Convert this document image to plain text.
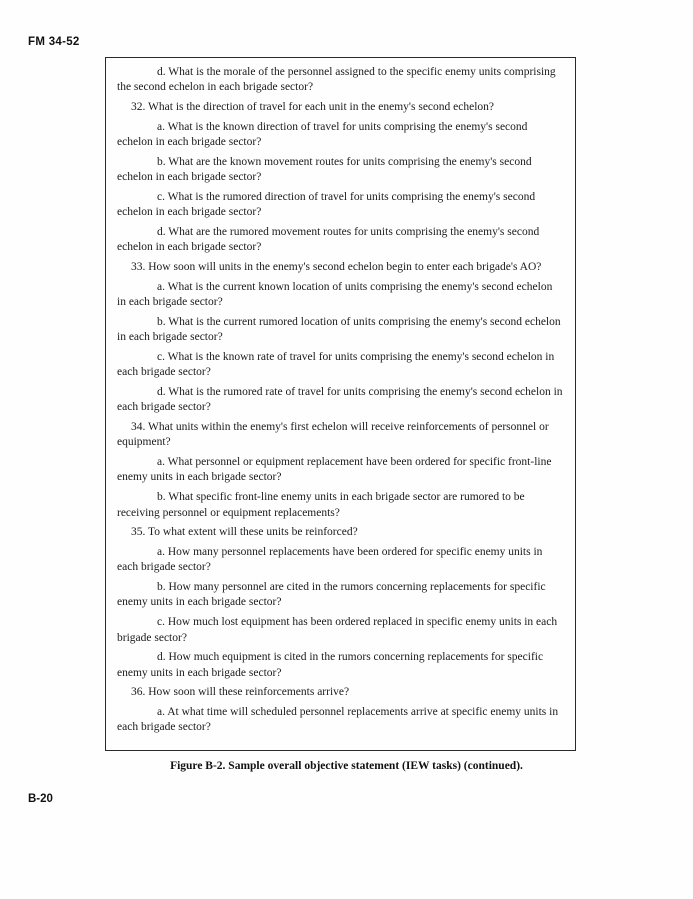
FM 34-52

d. What is the morale of the personnel assigned to the specific enemy units comprising the second echelon in each brigade sector?

32. What is the direction of travel for each unit in the enemy's second echelon?

a. What is the known direction of travel for units comprising the enemy's second echelon in each brigade sector?

b. What are the known movement routes for units comprising the enemy's second echelon in each brigade sector?

c. What is the rumored direction of travel for units comprising the enemy's second echelon in each brigade sector?

d. What are the rumored movement routes for units comprising the enemy's second echelon in each brigade sector?

33. How soon will units in the enemy's second echelon begin to enter each brigade's AO?

a. What is the current known location of units comprising the enemy's second echelon in each brigade sector?

b. What is the current rumored location of units comprising the enemy's second echelon in each brigade sector?

c. What is the known rate of travel for units comprising the enemy's second echelon in each brigade sector?

d. What is the rumored rate of travel for units comprising the enemy's second echelon in each brigade sector?

34. What units within the enemy's first echelon will receive reinforcements of personnel or equipment?

a. What personnel or equipment replacement have been ordered for specific front-line enemy units in each brigade sector?

b. What specific front-line enemy units in each brigade sector are rumored to be receiving personnel or equipment replacements?

35. To what extent will these units be reinforced?

a. How many personnel replacements have been ordered for specific enemy units in each brigade sector?

b. How many personnel are cited in the rumors concerning replacements for specific enemy units in each brigade sector?

c. How much lost equipment has been ordered replaced in specific enemy units in each brigade sector?

d. How much equipment is cited in the rumors concerning replacements for specific enemy units in each brigade sector?

36. How soon will these reinforcements arrive?

a. At what time will scheduled personnel replacements arrive at specific enemy units in each brigade sector?

Figure B-2. Sample overall objective statement (IEW tasks) (continued).
B-20
